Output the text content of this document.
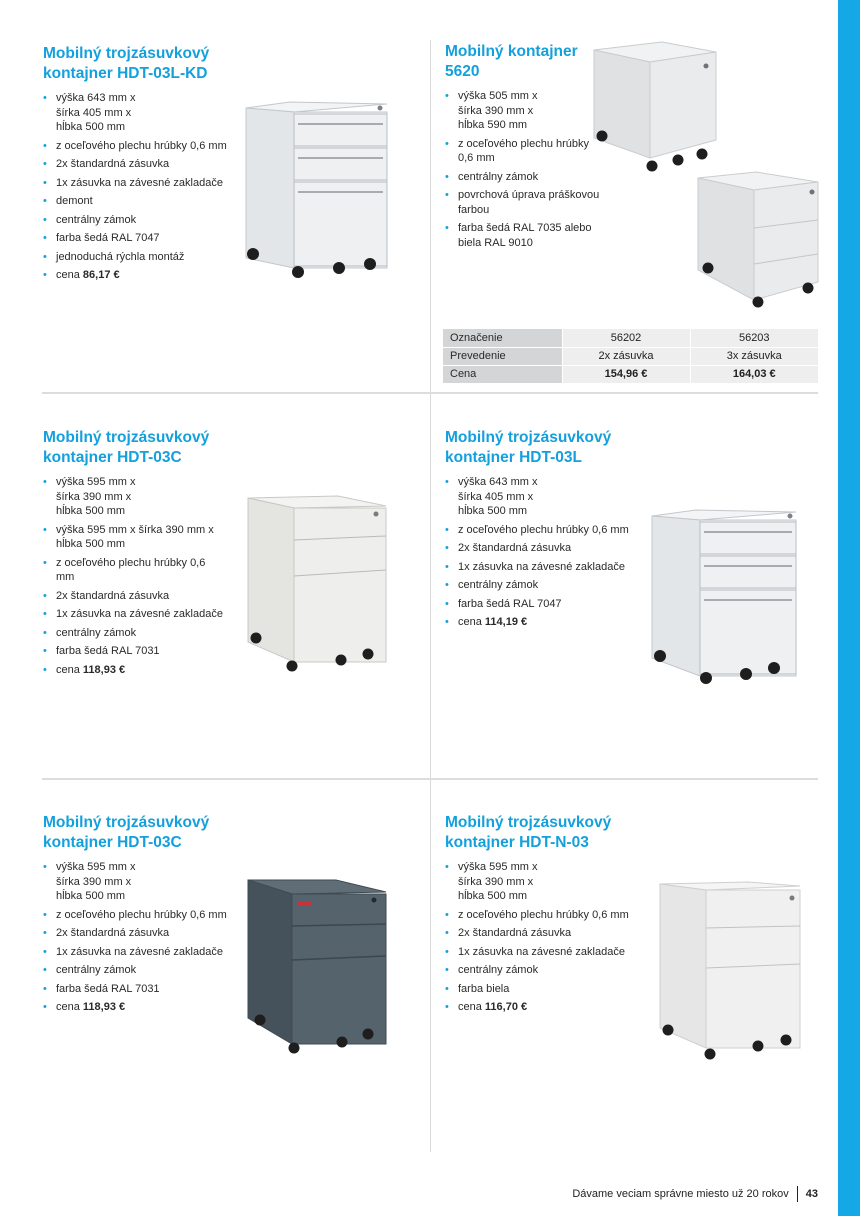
Mobilný trojzásuvkový
kontajner HDT-03L-KD
• výška 643 mm x
šírka 405 mm x
hĺbka 500 mm
• z oceľového plechu hrúbky 0,6 mm
• 2x štandardná zásuvka
• 1x zásuvka na závesné zakladače
• demont
• centrálny zámok
• farba šedá RAL 7047
• jednoduchá rýchla montáž
• cena 86,17 €
Mobilný kontajner
5620
• výška 505 mm x
šírka 390 mm x
hĺbka 590 mm
• z oceľového plechu hrúbky 0,6 mm
• centrálny zámok
• povrchová úprava práškovou farbou
• farba šedá RAL 7035 alebo biela RAL 9010
Označenie	56202	56203
Prevedenie	2x zásuvka	3x zásuvka
Cena	154,96 €	164,03 €
Mobilný trojzásuvkový
kontajner HDT-03C
• výška 595 mm x
šírka 390 mm x
hĺbka 500 mm
• výška 595 mm x šírka 390 mm x hĺbka 500 mm
• z oceľového plechu hrúbky 0,6 mm
• 2x štandardná zásuvka
• 1x zásuvka na závesné zakladače
• centrálny zámok
• farba šedá RAL 7031
• cena 118,93 €
Mobilný trojzásuvkový
kontajner HDT-03L
• výška 643 mm x
šírka 405 mm x
hĺbka 500 mm
• z oceľového plechu hrúbky 0,6 mm
• 2x štandardná zásuvka
• 1x zásuvka na závesné zakladače
• centrálny zámok
• farba šedá RAL 7047
• cena 114,19 €
Mobilný trojzásuvkový
kontajner HDT-03C
• výška 595 mm x
šírka 390 mm x
hĺbka 500 mm
• z oceľového plechu hrúbky 0,6 mm
• 2x štandardná zásuvka
• 1x zásuvka na závesné zakladače
• centrálny zámok
• farba šedá RAL 7031
• cena 118,93 €
Mobilný trojzásuvkový
kontajner HDT-N-03
• výška 595 mm x
šírka 390 mm x
hĺbka 500 mm
• z oceľového plechu hrúbky 0,6 mm
• 2x štandardná zásuvka
• 1x zásuvka na závesné zakladače
• centrálny zámok
• farba biela
• cena 116,70 €
Dávame veciam správne miesto už 20 rokov 43
